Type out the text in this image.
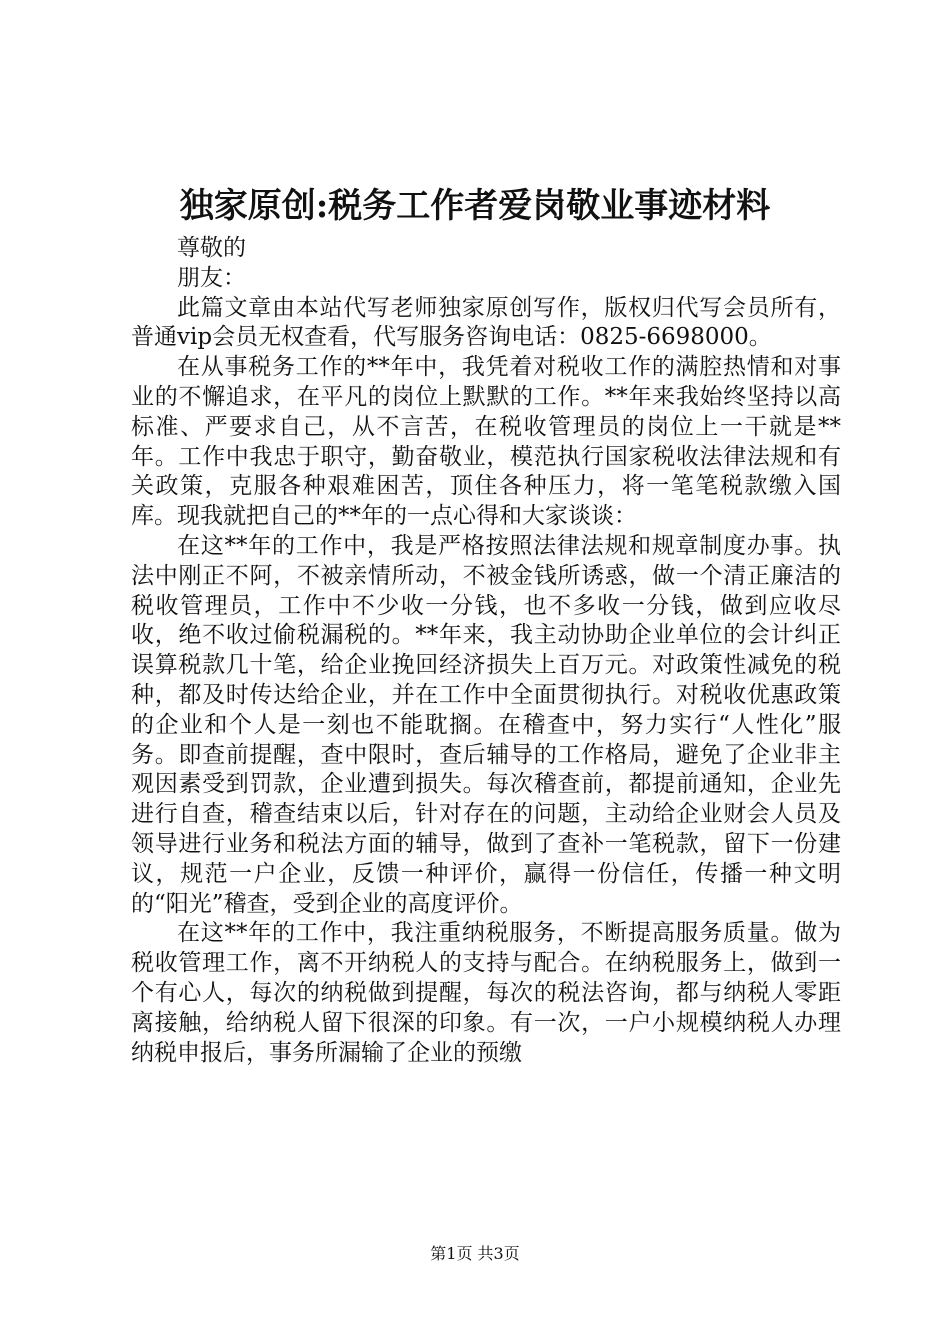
独家原创:税务工作者爱岗敬业事迹材料

尊敬的

朋友：

此篇文章由本站代写老师独家原创写作，版权归代写会员所有，普通vip会员无权查看，代写服务咨询电话：0825-6698000。

在从事税务工作的**年中，我凭着对税收工作的满腔热情和对事业的不懈追求，在平凡的岗位上默默的工作。**年来我始终坚持以高标准、严要求自己，从不言苦，在税收管理员的岗位上一干就是**年。工作中我忠于职守，勤奋敬业，模范执行国家税收法律法规和有关政策，克服各种艰难困苦，顶住各种压力，将一笔笔税款缴入国库。现我就把自己的**年的一点心得和大家谈谈：

在这**年的工作中，我是严格按照法律法规和规章制度办事。执法中刚正不阿，不被亲情所动，不被金钱所诱惑，做一个清正廉洁的税收管理员，工作中不少收一分钱，也不多收一分钱，做到应收尽收，绝不收过偷税漏税的。**年来，我主动协助企业单位的会计纠正误算税款几十笔，给企业挽回经济损失上百万元。对政策性减免的税种，都及时传达给企业，并在工作中全面贯彻执行。对税收优惠政策的企业和个人是一刻也不能耽搁。在稽查中，努力实行“人性化”服务。即查前提醒，查中限时，查后辅导的工作格局，避免了企业非主观因素受到罚款，企业遭到损失。每次稽查前，都提前通知，企业先进行自查，稽查结束以后，针对存在的问题，主动给企业财会人员及领导进行业务和税法方面的辅导，做到了查补一笔税款，留下一份建议，规范一户企业，反馈一种评价，赢得一份信任，传播一种文明的“阳光”稽查，受到企业的高度评价。

在这**年的工作中，我注重纳税服务，不断提高服务质量。做为税收管理工作，离不开纳税人的支持与配合。在纳税服务上，做到一个有心人，每次的纳税做到提醒，每次的税法咨询，都与纳税人零距离接触，给纳税人留下很深的印象。有一次，一户小规模纳税人办理纳税申报后，事务所漏输了企业的预缴

第1页 共3页
